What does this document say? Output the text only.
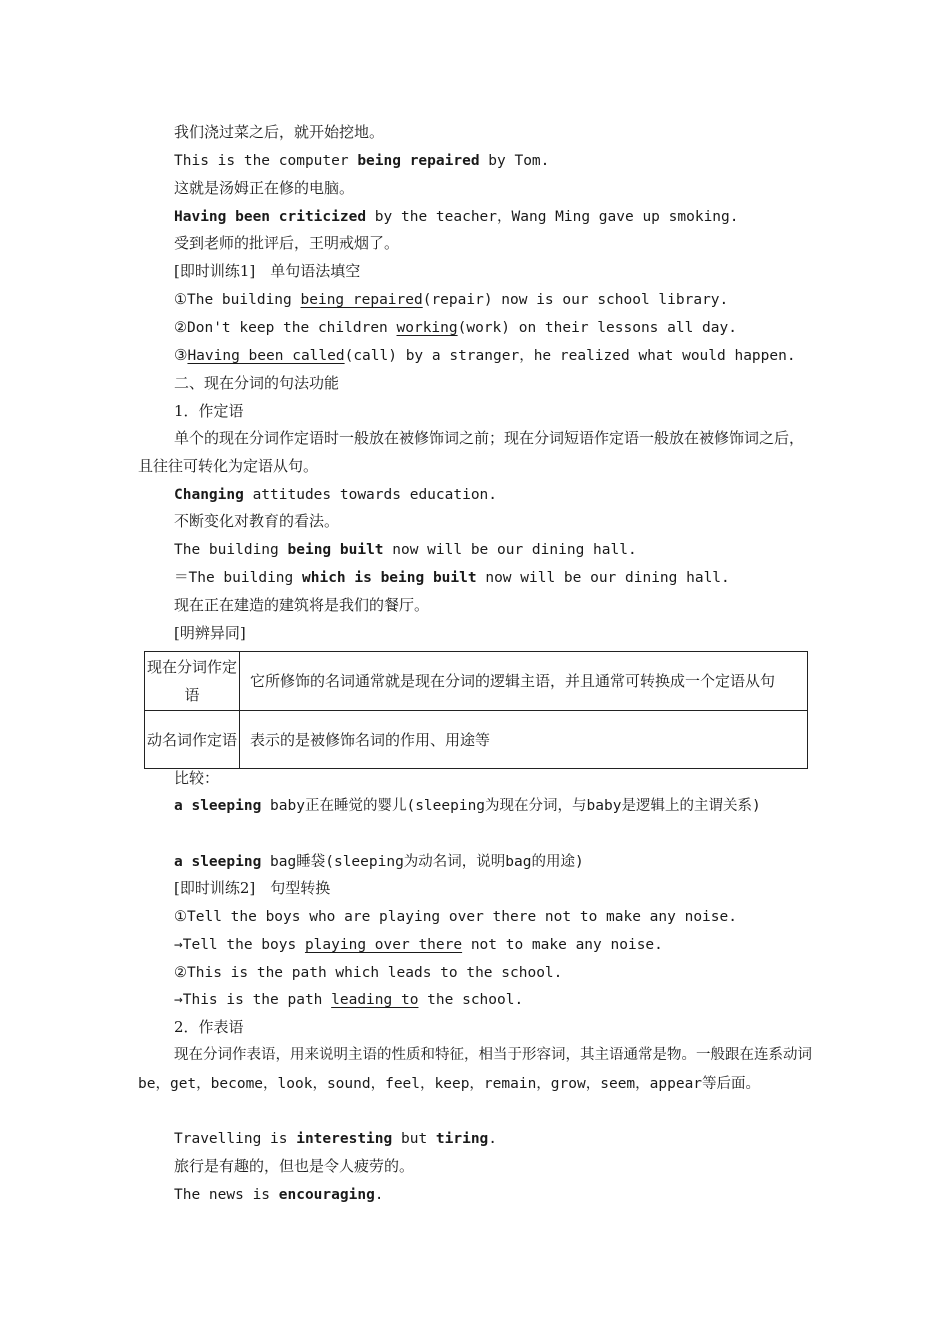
我们浇过菜之后，就开始挖地。
This is the computer being repaired by Tom.
这就是汤姆正在修的电脑。
Having been criticized by the teacher，Wang Ming gave up smoking.
受到老师的批评后，王明戒烟了。
[即时训练1]　单句语法填空
①The building being repaired(repair) now is our school library.
②Don't keep the children working(work) on their lessons all day.
③Having been called(call) by a stranger，he realized what would happen.
二、现在分词的句法功能
1．作定语
单个的现在分词作定语时一般放在被修饰词之前；现在分词短语作定语一般放在被修饰词之后，且往往可转化为定语从句。
Changing attitudes towards education.
不断变化对教育的看法。
The building being built now will be our dining hall.
＝The building which is being built now will be our dining hall.
现在正在建造的建筑将是我们的餐厅。
[明辨异同]
现在分词作定语	它所修饰的名词通常就是现在分词的逻辑主语，并且通常可转换成一个定语从句
动名词作定语	表示的是被修饰名词的作用、用途等
比较：
a sleeping baby正在睡觉的婴儿(sleeping为现在分词，与baby是逻辑上的主谓关系)
a sleeping bag睡袋(sleeping为动名词，说明bag的用途)
[即时训练2]　句型转换
①Tell the boys who are playing over there not to make any noise.
→Tell the boys playing over there not to make any noise.
②This is the path which leads to the school.
→This is the path leading to the school.
2．作表语
现在分词作表语，用来说明主语的性质和特征，相当于形容词，其主语通常是物。一般跟在连系动词be，get，become，look，sound，feel，keep，remain，grow，seem，appear等后面。
Travelling is interesting but tiring.
旅行是有趣的，但也是令人疲劳的。
The news is encouraging.
